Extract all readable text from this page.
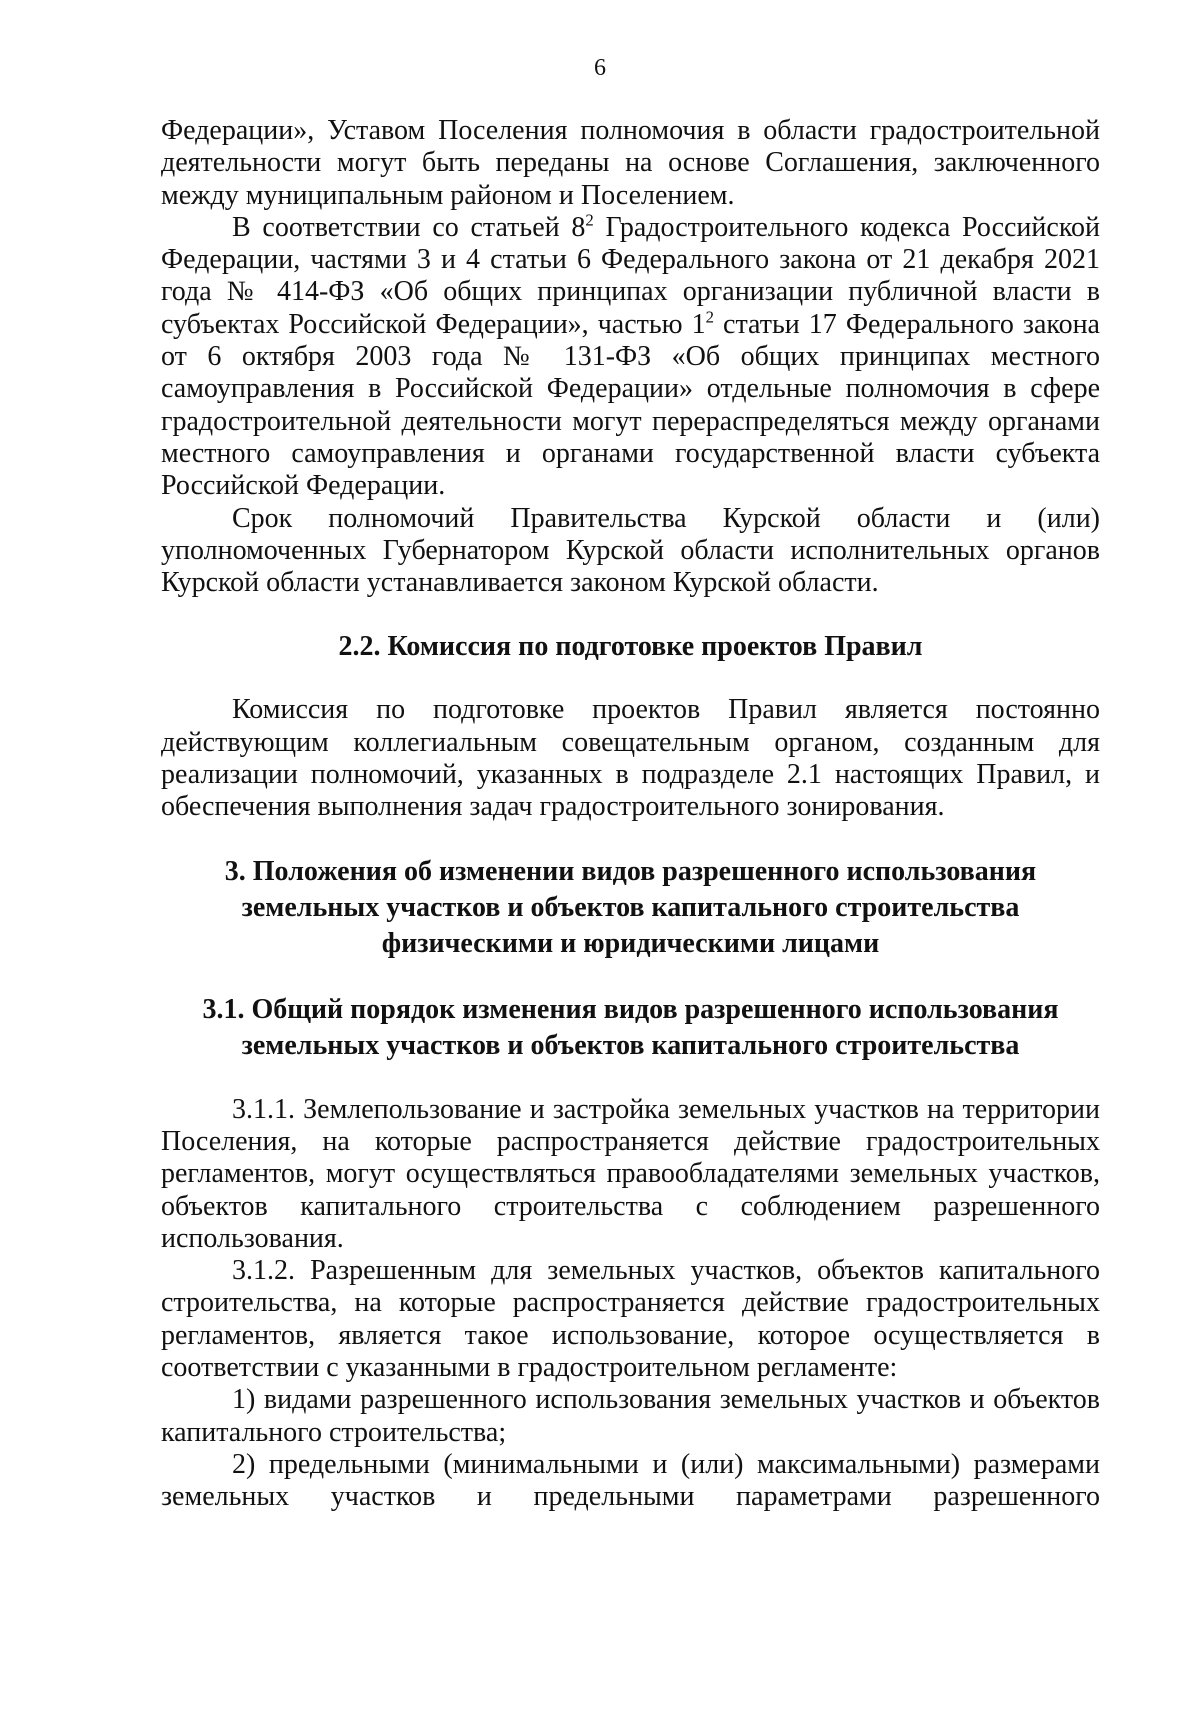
6

Федерации», Уставом Поселения полномочия в области градостроительной деятельности могут быть переданы на основе Соглашения, заключенного между муниципальным районом и Поселением.

В соответствии со статьей $8^2$ Градостроительного кодекса Российской Федерации, частями 3 и 4 статьи 6 Федерального закона от 21 декабря 2021 года № 414-ФЗ «Об общих принципах организации публичной власти в субъектах Российской Федерации», частью $1^2$ статьи 17 Федерального закона от 6 октября 2003 года № 131-ФЗ «Об общих принципах местного самоуправления в Российской Федерации» отдельные полномочия в сфере градостроительной деятельности могут перераспределяться между органами местного самоуправления и органами государственной власти субъекта Российской Федерации.

Срок полномочий Правительства Курской области и (или) уполномоченных Губернатором Курской области исполнительных органов Курской области устанавливается законом Курской области.

2.2. Комиссия по подготовке проектов Правил

Комиссия по подготовке проектов Правил является постоянно действующим коллегиальным совещательным органом, созданным для реализации полномочий, указанных в подразделе 2.1 настоящих Правил, и обеспечения выполнения задач градостроительного зонирования.

3. Положения об изменении видов разрешенного использования

земельных участков и объектов капитального строительства

физическими и юридическими лицами

3.1. Общий порядок изменения видов разрешенного использования

земельных участков и объектов капитального строительства

3.1.1. Землепользование и застройка земельных участков на территории Поселения, на которые распространяется действие градостроительных регламентов, могут осуществляться правообладателями земельных участков, объектов капитального строительства с соблюдением разрешенного использования.

3.1.2. Разрешенным для земельных участков, объектов капитального строительства, на которые распространяется действие градостроительных регламентов, является такое использование, которое осуществляется в соответствии с указанными в градостроительном регламенте:

1) видами разрешенного использования земельных участков и объектов капитального строительства;

2) предельными (минимальными и (или) максимальными) размерами земельных участков и предельными параметрами разрешенного
